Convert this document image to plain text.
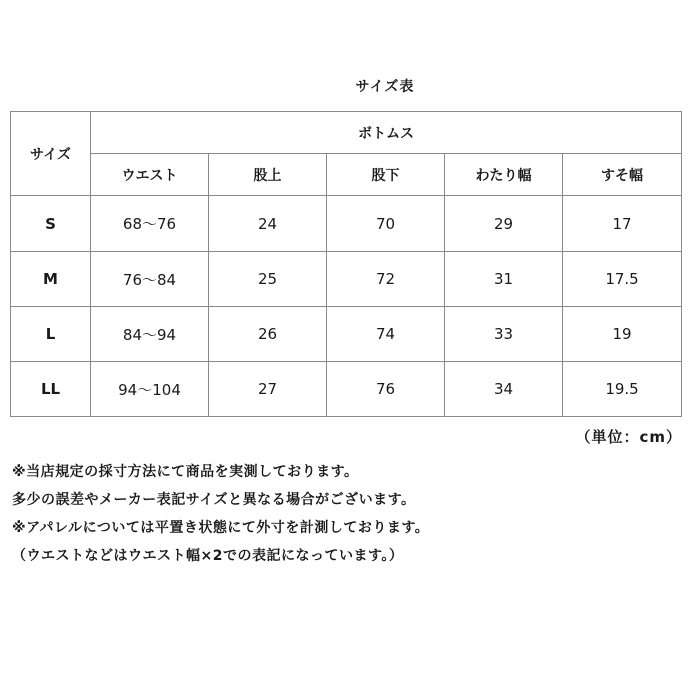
サイズ表
サイズ	ボトムス				
	ウエスト	股上	股下	わたり幅	すそ幅
S	68～76	24	70	29	17
M	76～84	25	72	31	17.5
L	84～94	26	74	33	19
LL	94～104	27	76	34	19.5
（単位：cm）
※当店規定の採寸方法にて商品を実測しております。
多少の誤差やメーカー表記サイズと異なる場合がございます。
※アパレルについては平置き状態にて外寸を計測しております。
（ウエストなどはウエスト幅×2での表記になっています。）
